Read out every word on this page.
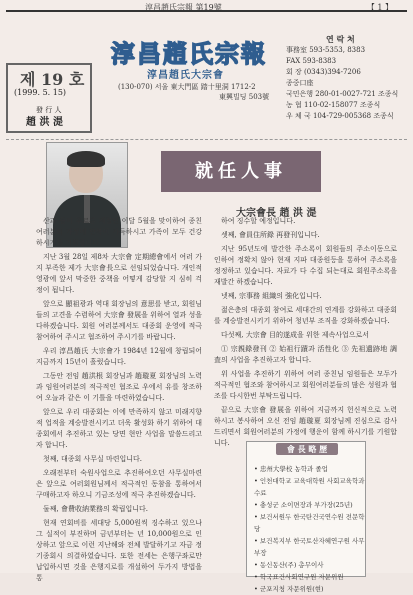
淳昌趙氏宗報 第19號	【 1 】
제 19 호
(1999. 5. 15)
發 行 人
趙 洪 湜
淳昌趙氏宗報
淳昌趙氏大宗會
(130-070) 서울 東大門區 踏十里洞 1712-2
東興빌딩 503號
연 락 처
事務室 593-5353, 8383
FAX 593-8383
회 장 (0343)394-7206
종중口座
국민은행 280-01-0027-721 조종식
농 협 110-02-158077 조종식
우 체 국 104-729-005368 조종식
就任人事
大宗會長 趙 洪 湜

산과 들이 푸르른 계절인 이달 5월을 맞이하여 종친 여러분의 가정에 만복이 가득하시고 가족이 모두 건강하시기를 기원합니다.

지난 3월 28일 제8차 大宗會 定期總會에서 여러 가지 부족한 제가 大宗會長으로 선임되었습니다. 개인적 영광에 앞서 막중한 중책을 어떻게 감당할 지 심히 걱정이 됩니다.

앞으로 顯祖광과 역대 회장님의 意思를 받고, 회원님들의 고견을 수렴하여 大宗會 發展을 위하여 열과 성을 다하겠습니다. 회원 여러분께서도 대종회 운영에 적극 참여하여 주시고 협조하여 주시기를 바랍니다.

우리 淳昌趙氏 大宗會가 1984년 12월에 창립되어 지금까지 15년이 흘렀습니다.

그동안 전임 趙洪根 회장님과 趙璇夏 회장님의 노력과 임원여러분의 적극적인 협조로 우에서 유를 창조하여 오늘과 같은 이 기틀을 마련하였습니다.

앞으로 우리 대종회는 이에 만족하지 않고 미래지향적 업적을 계승발전시키고 더욱 활성화 하기 위하여 대종회에서 추진하고 있는 당면 현안 사업을 말씀드리고자 합니다.

첫째, 대종회 사무실 마련입니다.

오래전부터 숙원사업으로 추진하여오던 사무실마련은 앞으로 여러회원님께서 적극적인 동참을 통하여서 구매하고자 하오니 기금조성에 적극 추진하겠습니다.

둘째, 會費收納業務의 확립입니다.

현재 연회비를 세대당 5,000원씩 징수하고 있으나 그 실적이 부진하며 금년부터는 년 10,000원으로 인상하고 앞으로 이런 지난해와 전체 발달하기고 자금 정기종회시 의결하였습니다. 또한 전세는 은행구좌로만 납입하시면 것을 은행지로를 개설하여 두가지 방법을 통

하여 징수할 예정입니다.

셋째, 會員住所錄 再發刊입니다.

지난 95년도에 발간한 주소록이 회원들의 주소이동으로 인하여 정확치 않아 현재 지파 대종원등을 통하여 주소록을 정정하고 있습니다. 자료가 다 수집 되는대로 회원주소록을 재발간 하겠습니다.

넷째, 宗事務 組織의 強化입니다.

젊은층의 대종회 참여로 세대간의 연계를 강화하고 대종회를 계승발전시키기 위하여 청년부 조직을 강화하겠습니다.

다섯째, 大宗會 目的遂成을 위한 제속사업으로서

① 宗親錄發刊 ② 始祖行蹟과 活性化 ③ 先祖遺跡地 調査의 사업을 추진하고자 합니다.

위 사업을 추진하기 위하여 여러 종친님 임원들은 모두가 적극적인 협조와 참여하시고 회원여러분들의 많은 성원과 협조를 다시한번 부탁드립니다.

끝으로 大宗會 發展을 위하여 지금까지 헌신적으로 노력하시고 봉사하여 오신 전임 趙璇夏 회장님께 진심으로 감사드리면서 회원여러분의 가정에 행운이 함께 하시기를 기원합니다.

• 忠州大學校 농학과 졸업
• 인천대학교 교육대학원 사회교육학과 수료
• 충성군 소이면장과 부가장(25년)
• 보건서원두 한국탄건국연수원 전문학당
• 보건복지부 한국토산자혜연구원 사무부장
• 동신동산(주) 총무이사
• 학국표건사회연구원 자문위원
• 군포지청 자문위원(현)
會 長 略 歷
